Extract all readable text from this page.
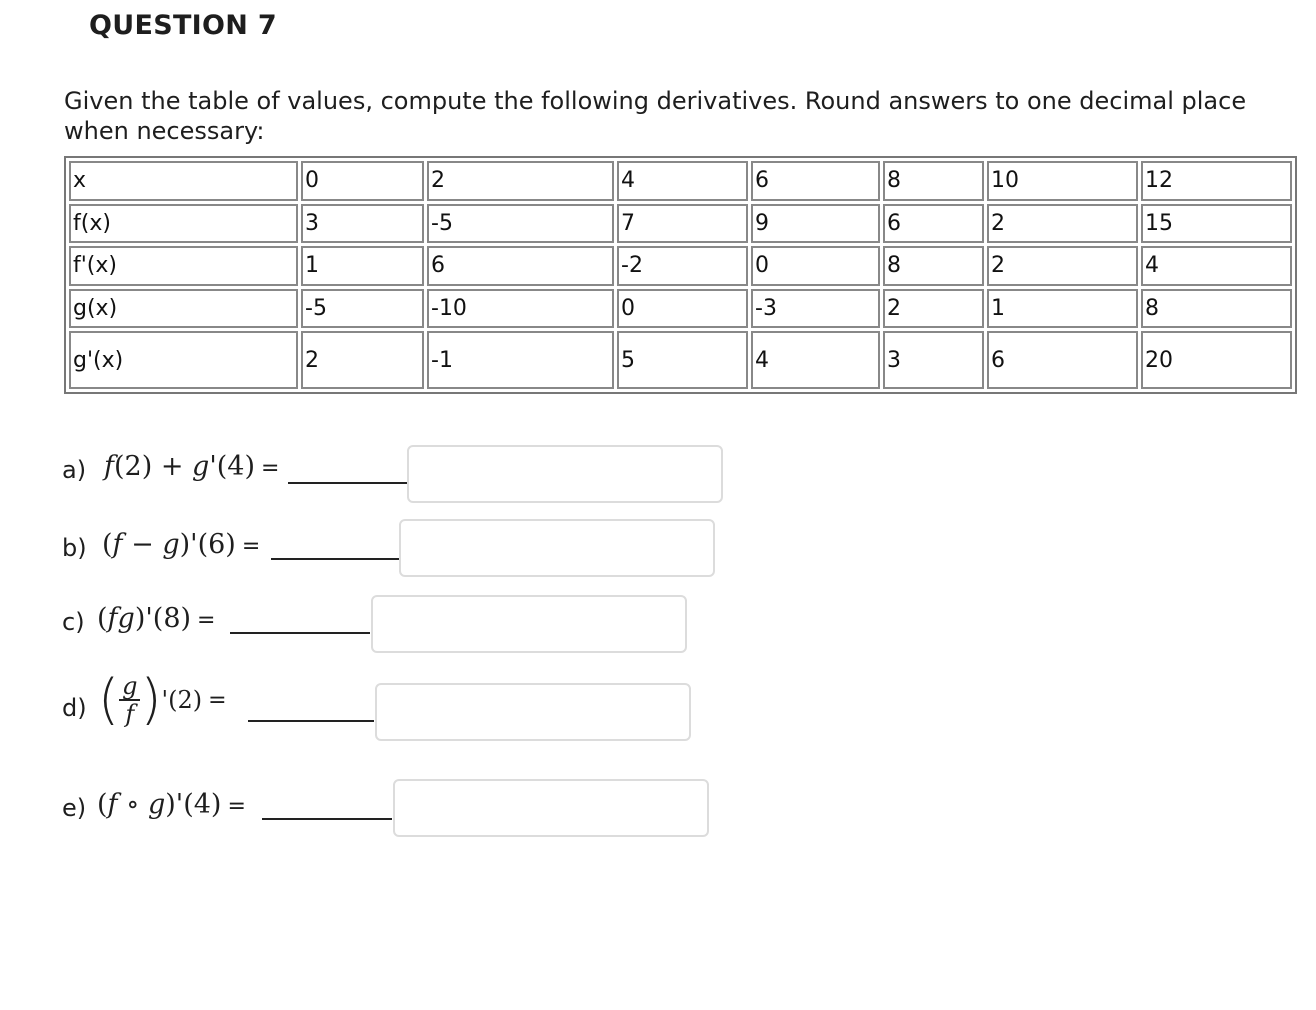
QUESTION 7
Given the table of values, compute the following derivatives. Round answers to one decimal place when necessary:
x	0	2	4	6	8	10	12
f(x)	3	-5	7	9	6	2	15
f'(x)	1	6	-2	0	8	2	4
g(x)	-5	-10	0	-3	2	1	8
g'(x)	2	-1	5	4	3	6	20
a) f(2) + g'(4) =
b) (f − g)'(6) =
c) (fg)'(8) =
d) ( $\frac{g}{f} )'(2)$ =
e) (f ∘ g)'(4) =
